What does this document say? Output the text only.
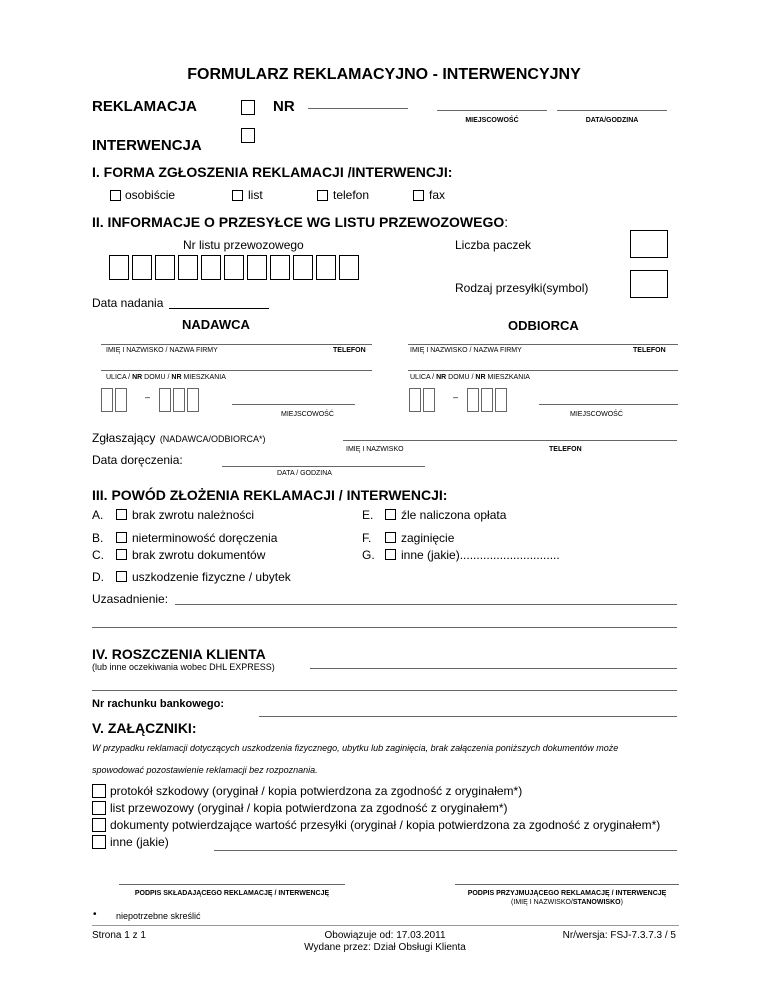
FORMULARZ REKLAMACYJNO - INTERWENCYJNY
REKLAMACJA	NR
MIEJSCOWOŚĆ	DATA/GODZINA
INTERWENCJA
I. FORMA ZGŁOSZENIA REKLAMACJI /INTERWENCJI:
osobiście	list	telefon	fax
II. INFORMACJE O PRZESYŁCE WG LISTU PRZEWOZOWEGO:
Nr listu przewozowego	Liczba paczek
Rodzaj przesyłki(symbol)
Data nadania
NADAWCA	ODBIORCA
IMIĘ I NAZWISKO / NAZWA FIRMY	TELEFON
ULICA / NR DOMU / NR MIESZKANIA
–
MIEJSCOWOŚĆ
IMIĘ I NAZWISKO / NAZWA FIRMY	TELEFON
ULICA / NR DOMU / NR MIESZKANIA
–
MIEJSCOWOŚĆ
Zgłaszający (NADAWCA/ODBIORCA*)
IMIĘ I NAZWISKO	TELEFON
Data doręczenia:
DATA / GODZINA
III. POWÓD ZŁOŻENIA REKLAMACJI / INTERWENCJI:
A. brak zwrotu należności
B. nieterminowość doręczenia
C. brak zwrotu dokumentów
D. uszkodzenie fizyczne / ubytek
E. źle naliczona opłata
F. zaginięcie
G. inne (jakie)..............................
Uzasadnienie:
IV. ROSZCZENIA KLIENTA
(lub inne oczekiwania wobec DHL EXPRESS)
Nr rachunku bankowego:
V. ZAŁĄCZNIKI:
W przypadku reklamacji dotyczących uszkodzenia fizycznego, ubytku lub zaginięcia, brak załączenia poniższych dokumentów może
spowodować pozostawienie reklamacji bez rozpoznania.
protokół szkodowy (oryginał / kopia potwierdzona za zgodność z oryginałem*)
list przewozowy (oryginał / kopia potwierdzona za zgodność z oryginałem*)
dokumenty potwierdzające wartość przesyłki (oryginał / kopia potwierdzona za zgodność z oryginałem*)
inne (jakie)
PODPIS SKŁADAJĄCEGO REKLAMACJĘ / INTERWENCJĘ	PODPIS PRZYJMUJĄCEGO REKLAMACJĘ / INTERWENCJĘ
(IMIĘ I NAZWISKO/STANOWISKO)
• niepotrzebne skreślić
Strona 1 z 1	Obowiązuje od: 17.03.2011
Wydane przez: Dział Obsługi Klienta
Nr/wersja: FSJ-7.3.7.3 / 5
